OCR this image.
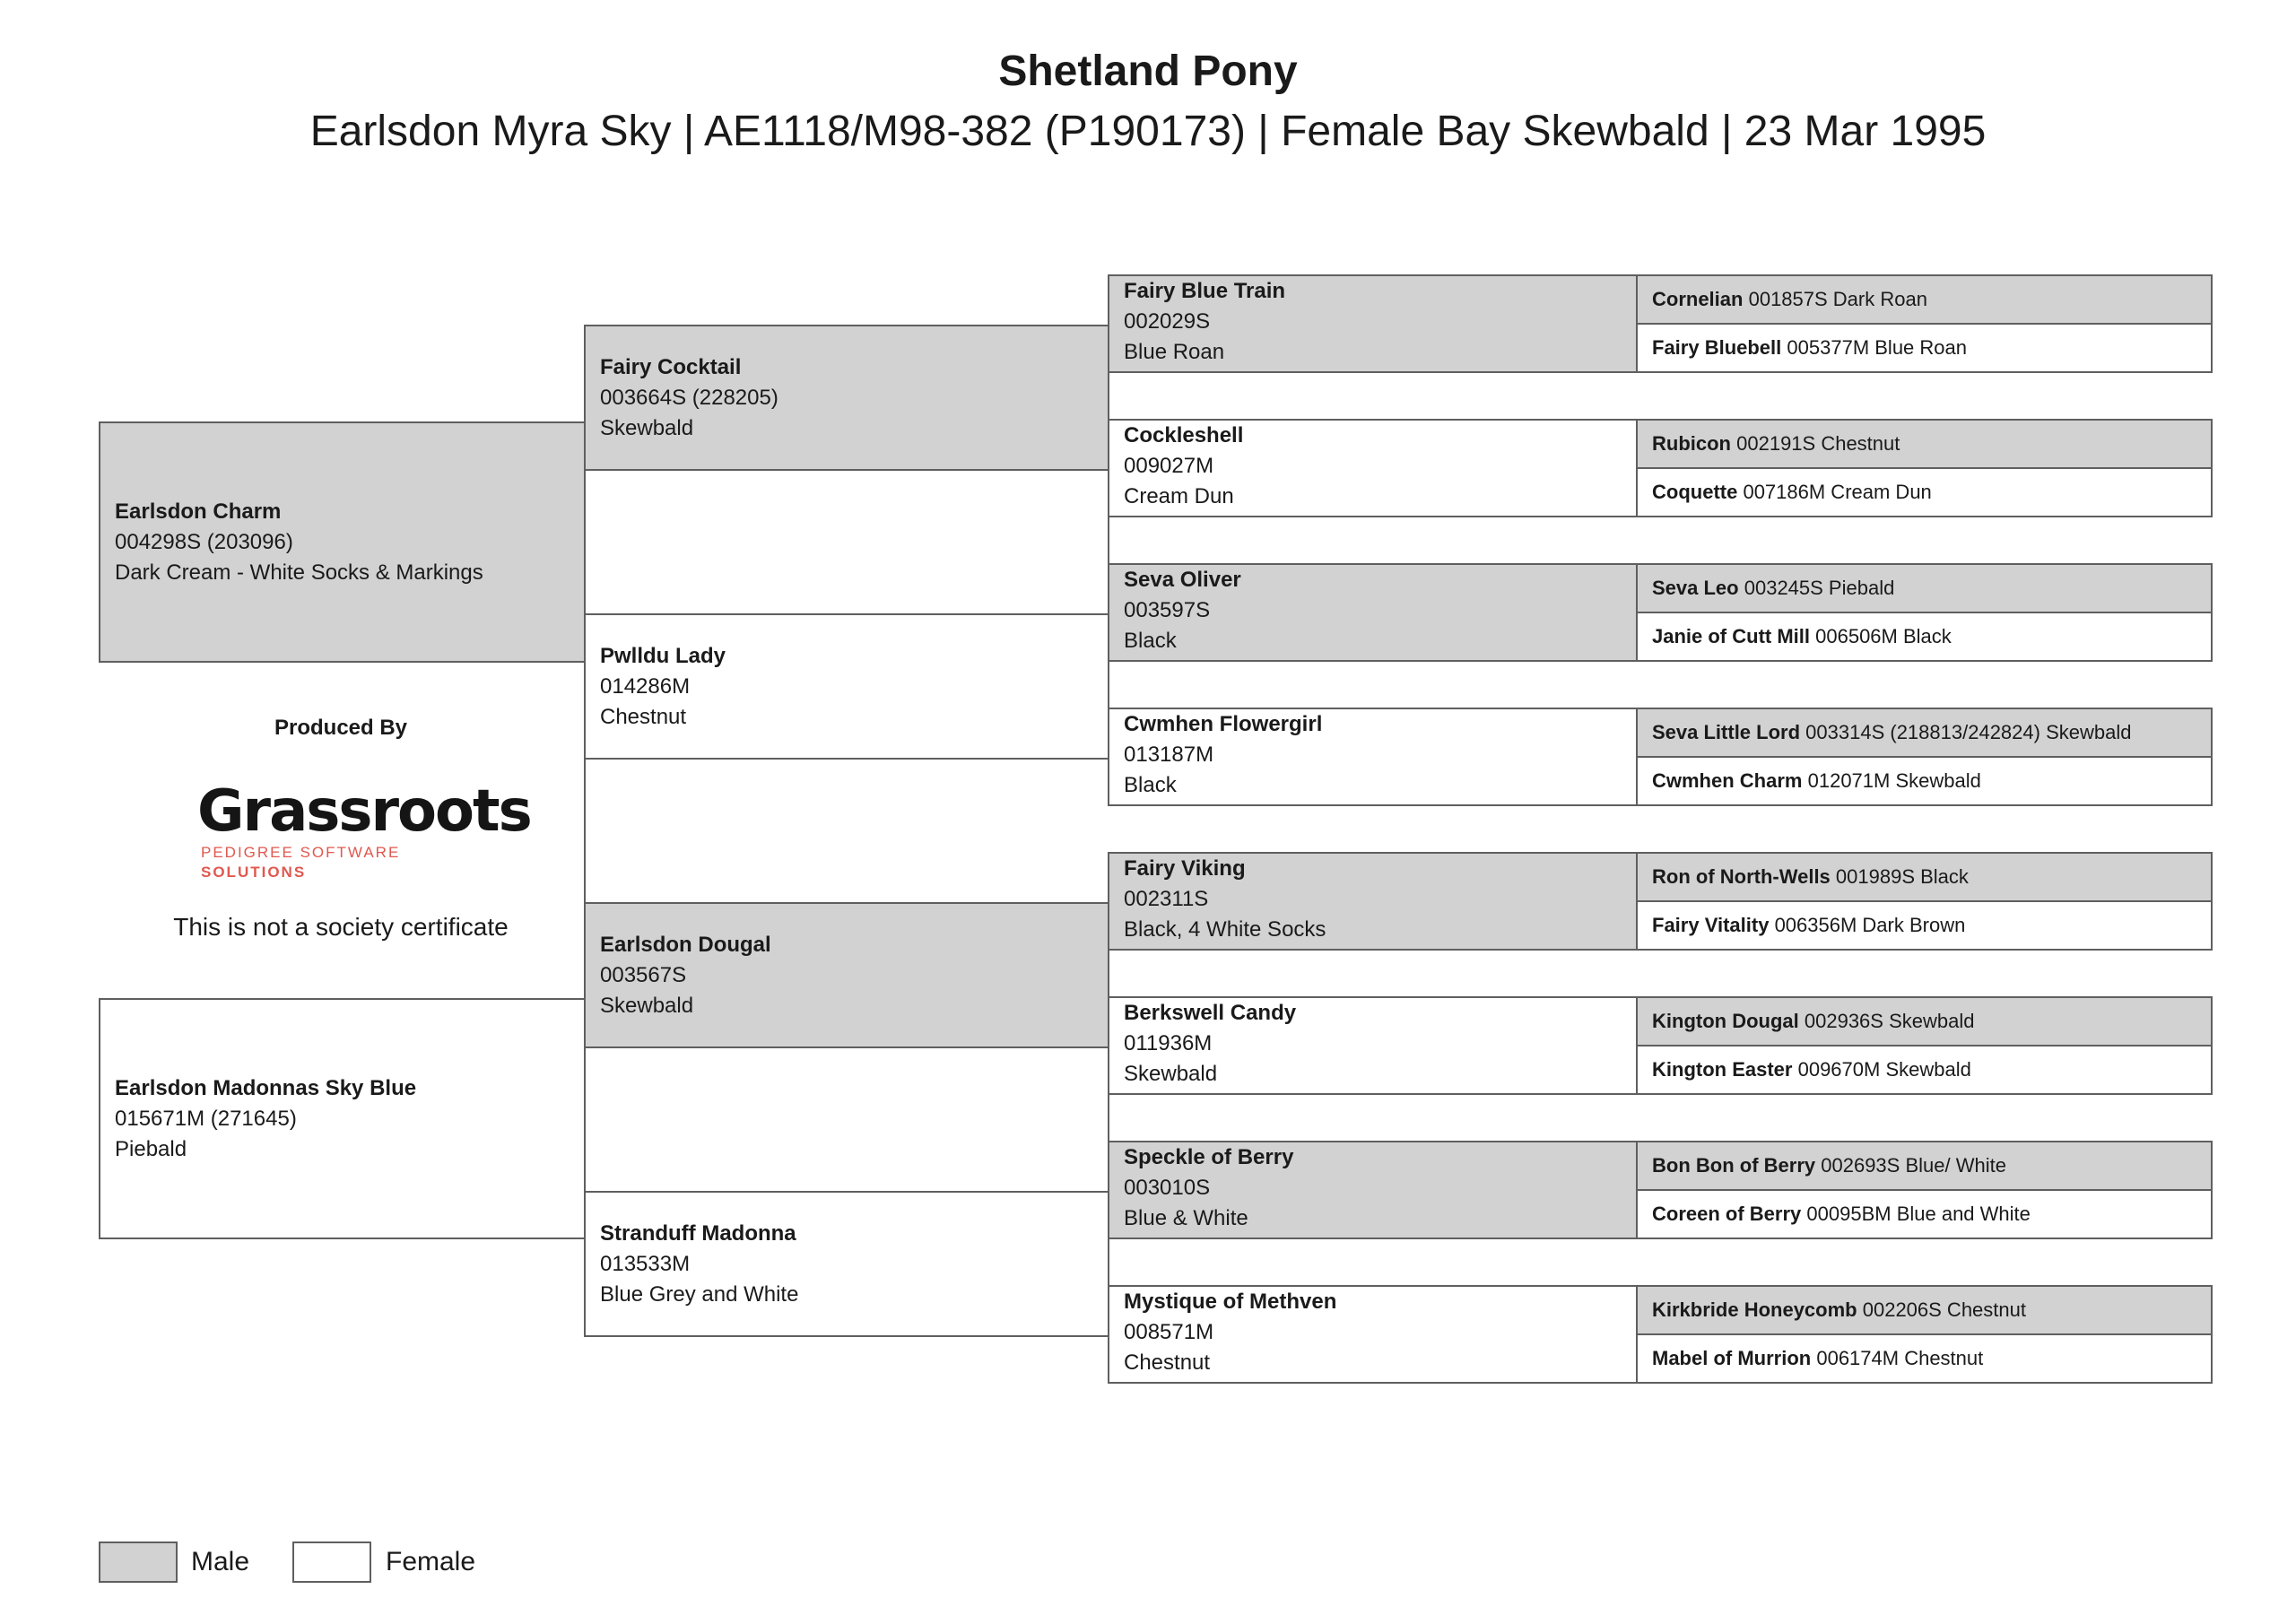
Shetland Pony
Earlsdon Myra Sky | AE1118/M98-382 (P190173) | Female Bay Skewbald | 23 Mar 1995
Earlsdon Charm
004298S (203096)
Dark Cream - White Socks & Markings
Earlsdon Madonnas Sky Blue
015671M (271645)
Piebald
Fairy Cocktail
003664S (228205)
Skewbald
Pwlldu Lady
014286M
Chestnut
Earlsdon Dougal
003567S
Skewbald
Stranduff Madonna
013533M
Blue Grey and White
Fairy Blue Train
002029S
Blue Roan
Cockleshell
009027M
Cream Dun
Seva Oliver
003597S
Black
Cwmhen Flowergirl
013187M
Black
Fairy Viking
002311S
Black, 4 White Socks
Berkswell Candy
011936M
Skewbald
Speckle of Berry
003010S
Blue & White
Mystique of Methven
008571M
Chestnut
Cornelian 001857S Dark Roan
Fairy Bluebell 005377M Blue Roan
Rubicon 002191S Chestnut
Coquette 007186M Cream Dun
Seva Leo 003245S Piebald
Janie of Cutt Mill 006506M Black
Seva Little Lord 003314S (218813/242824) Skewbald
Cwmhen Charm 012071M Skewbald
Ron of North-Wells 001989S Black
Fairy Vitality 006356M Dark Brown
Kington Dougal 002936S Skewbald
Kington Easter 009670M Skewbald
Bon Bon of Berry 002693S Blue/ White
Coreen of Berry 00095BM Blue and White
Kirkbride Honeycomb 002206S Chestnut
Mabel of Murrion 006174M Chestnut
Produced By
Grassroots
PEDIGREE SOFTWARE SOLUTIONS
This is not a society certificate
Male	Female
